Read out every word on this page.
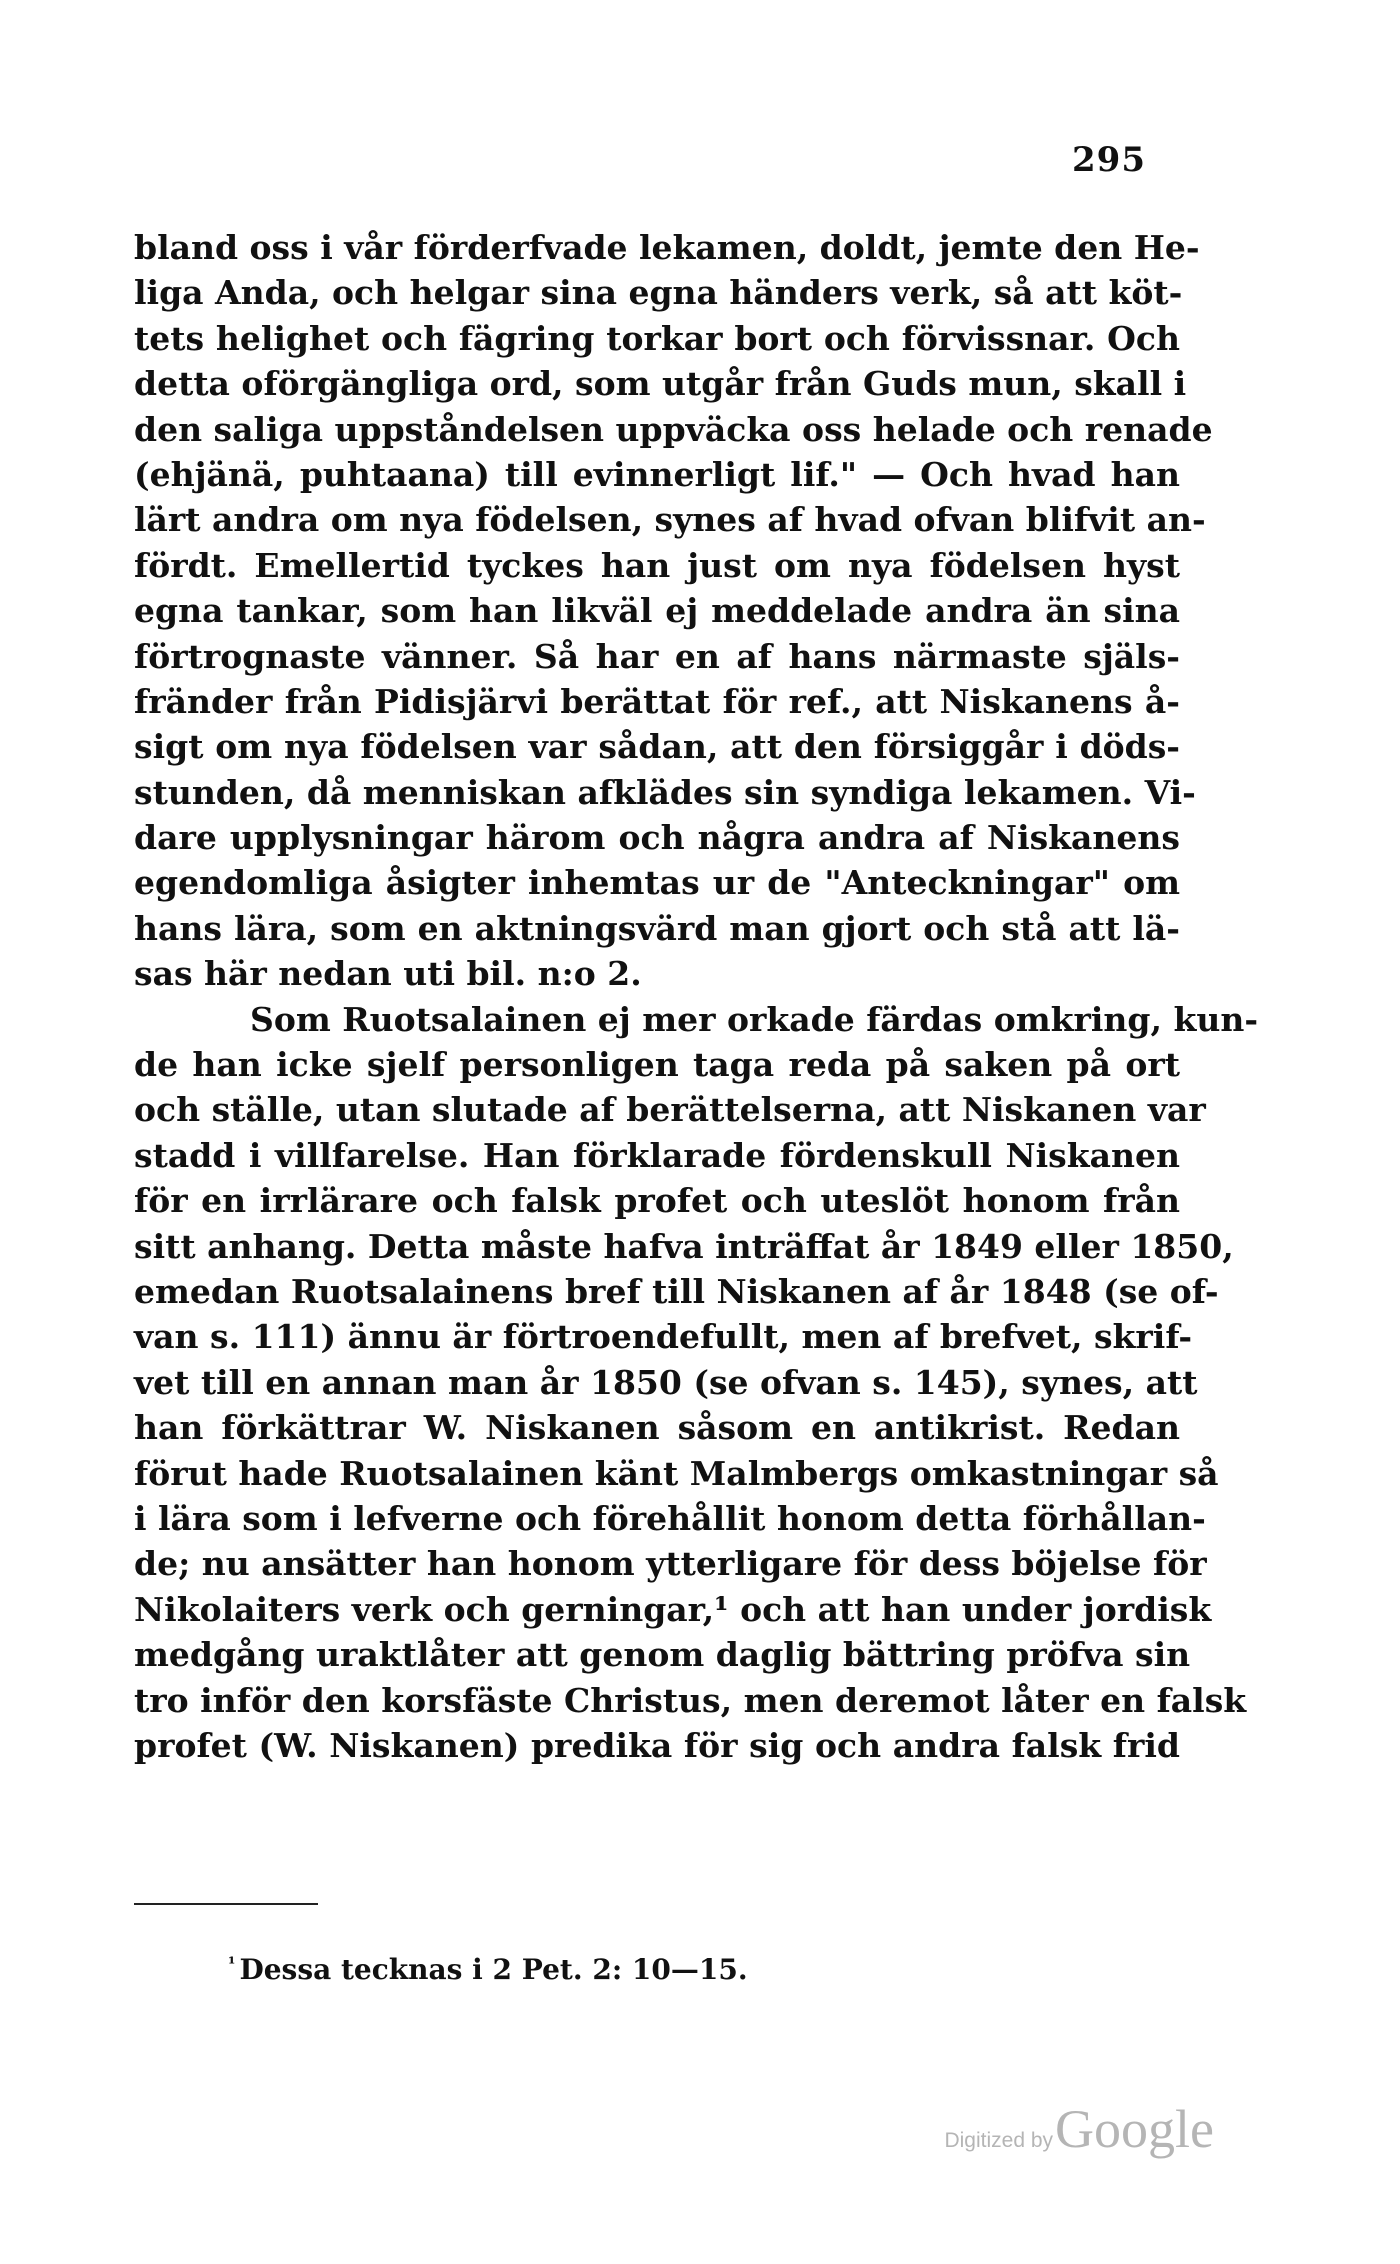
295
bland oss i vår förderfvade lekamen, doldt, jemte den He-
liga Anda, och helgar sina egna händers verk, så att köt-
tets helighet och fägring torkar bort och förvissnar. Och
detta oförgängliga ord, som utgår från Guds mun, skall i
den saliga uppståndelsen uppväcka oss helade och renade
(ehjänä, puhtaana) till evinnerligt lif." — Och hvad han
lärt andra om nya födelsen, synes af hvad ofvan blifvit an-
fördt. Emellertid tyckes han just om nya födelsen hyst
egna tankar, som han likväl ej meddelade andra än sina
förtrognaste vänner. Så har en af hans närmaste själs-
fränder från Pidisjärvi berättat för ref., att Niskanens å-
sigt om nya födelsen var sådan, att den försiggår i döds-
stunden, då menniskan afklädes sin syndiga lekamen. Vi-
dare upplysningar härom och några andra af Niskanens
egendomliga åsigter inhemtas ur de "Anteckningar" om
hans lära, som en aktningsvärd man gjort och stå att lä-
sas här nedan uti bil. n:o 2.
Som Ruotsalainen ej mer orkade färdas omkring, kun-
de han icke sjelf personligen taga reda på saken på ort
och ställe, utan slutade af berättelserna, att Niskanen var
stadd i villfarelse. Han förklarade fördenskull Niskanen
för en irrlärare och falsk profet och uteslöt honom från
sitt anhang. Detta måste hafva inträffat år 1849 eller 1850,
emedan Ruotsalainens bref till Niskanen af år 1848 (se of-
van s. 111) ännu är förtroendefullt, men af brefvet, skrif-
vet till en annan man år 1850 (se ofvan s. 145), synes, att
han förkättrar W. Niskanen såsom en antikrist. Redan
förut hade Ruotsalainen känt Malmbergs omkastningar så
i lära som i lefverne och förehållit honom detta förhållan-
de; nu ansätter han honom ytterligare för dess böjelse för
Nikolaiters verk och gerningar,¹ och att han under jordisk
medgång uraktlåter att genom daglig bättring pröfva sin
tro inför den korsfäste Christus, men deremot låter en falsk
profet (W. Niskanen) predika för sig och andra falsk frid
$^{^1}$ Dessa tecknas i 2 Pet. 2: 10—15.
Digitized byGoogle
